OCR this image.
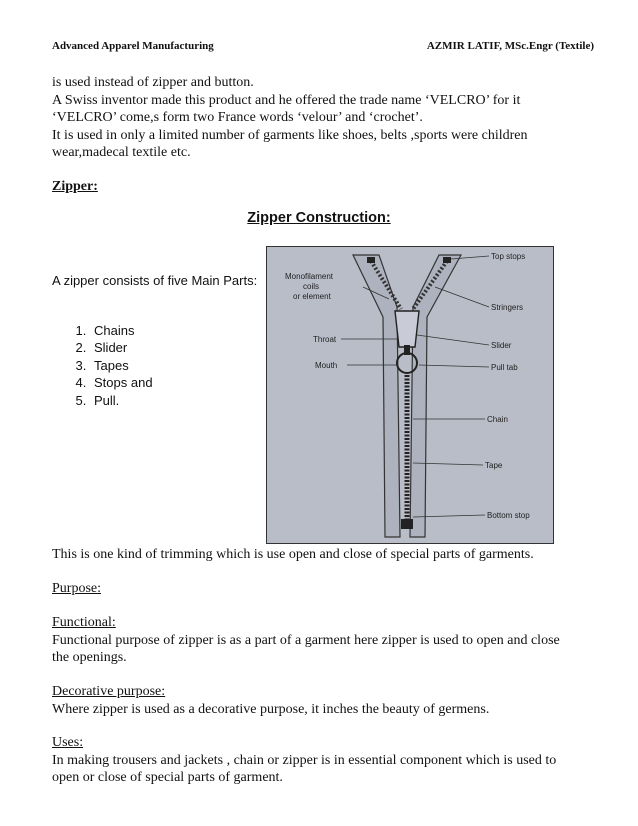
Advanced Apparel Manufacturing	AZMIR LATIF, MSc.Engr (Textile)
is used instead of zipper and button.
A Swiss inventor made this product and he offered the trade name ‘VELCRO’ for it
‘VELCRO’ come,s form two France words ‘velour’ and ‘crochet’.
It is used in only a limited number of garments like shoes, belts ,sports were children
wear,madecal textile etc.
Zipper:
Zipper Construction:
A zipper consists of five Main Parts:
1. Chains
2. Slider
3. Tapes
4. Stops and
5. Pull.
Top stops
Stringers
Monofilament
coils
or element
Throat
Slider
Mouth	Pull tab
Chain
Tape
Bottom stop
This is one kind of trimming which is use open and close of special parts of garments.
Purpose:
Functional:
Functional purpose of zipper is as a part of a garment here zipper is used to open and close
the openings.
Decorative purpose:
Where zipper is used as a decorative purpose, it inches the beauty of germens.
Uses:
In making trousers and jackets , chain or zipper is in essential component which is used to
open or close of special parts of garment.
